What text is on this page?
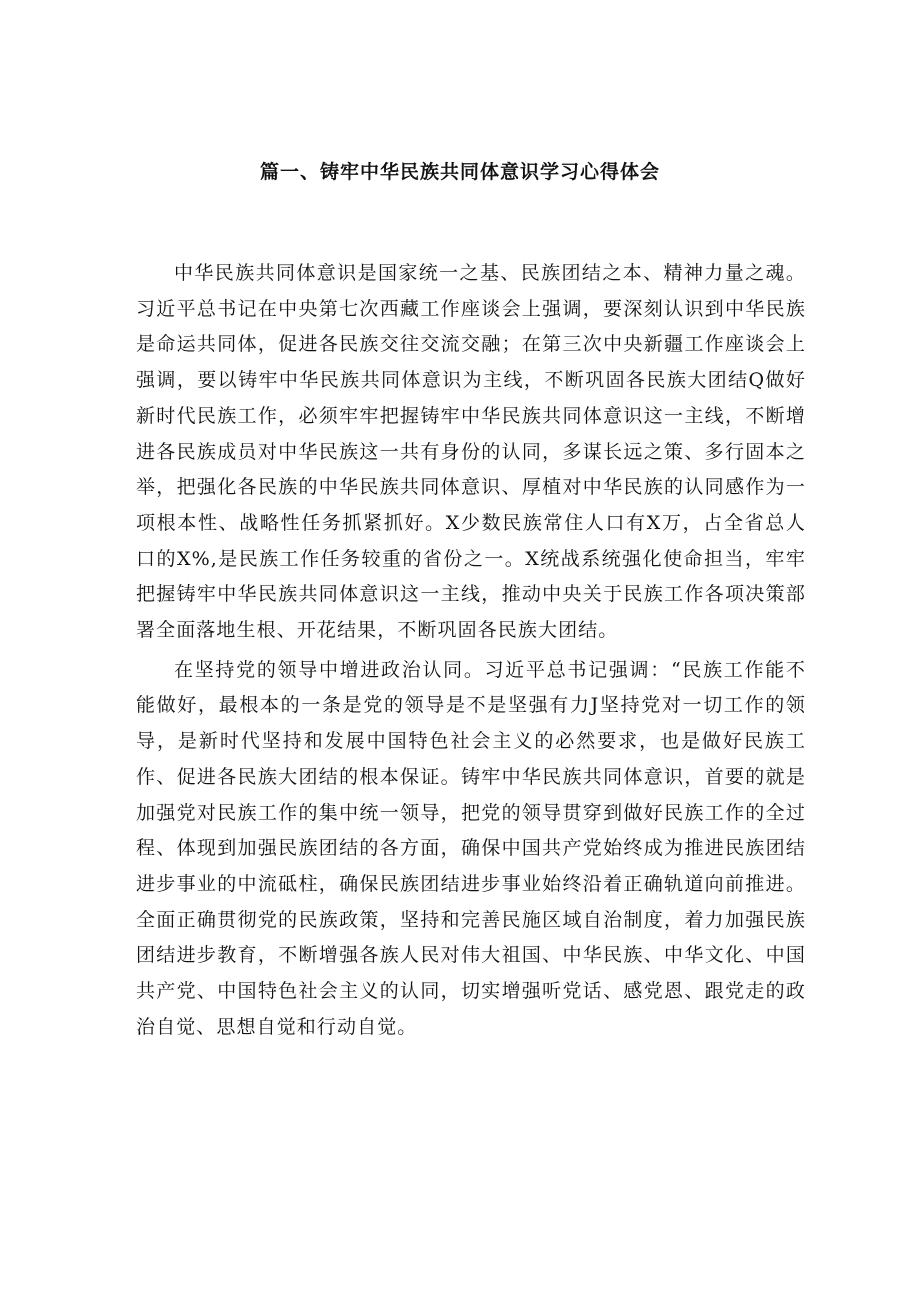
篇一、铸牢中华民族共同体意识学习心得体会

中华民族共同体意识是国家统一之基、民族团结之本、精神力量之魂。习近平总书记在中央第七次西藏工作座谈会上强调，要深刻认识到中华民族是命运共同体，促进各民族交往交流交融；在第三次中央新疆工作座谈会上强调，要以铸牢中华民族共同体意识为主线，不断巩固各民族大团结Q做好新时代民族工作，必须牢牢把握铸牢中华民族共同体意识这一主线，不断增进各民族成员对中华民族这一共有身份的认同，多谋长远之策、多行固本之举，把强化各民族的中华民族共同体意识、厚植对中华民族的认同感作为一项根本性、战略性任务抓紧抓好。X少数民族常住人口有X万，占全省总人口的X%,是民族工作任务较重的省份之一。X统战系统强化使命担当，牢牢把握铸牢中华民族共同体意识这一主线，推动中央关于民族工作各项决策部署全面落地生根、开花结果，不断巩固各民族大团结。

在坚持党的领导中增进政治认同。习近平总书记强调：“民族工作能不能做好，最根本的一条是党的领导是不是坚强有力J坚持党对一切工作的领导，是新时代坚持和发展中国特色社会主义的必然要求，也是做好民族工作、促进各民族大团结的根本保证。铸牢中华民族共同体意识，首要的就是加强党对民族工作的集中统一领导，把党的领导贯穿到做好民族工作的全过程、体现到加强民族团结的各方面，确保中国共产党始终成为推进民族团结进步事业的中流砥柱，确保民族团结进步事业始终沿着正确轨道向前推进。全面正确贯彻党的民族政策，坚持和完善民施区域自治制度，着力加强民族团结进步教育，不断增强各族人民对伟大祖国、中华民族、中华文化、中国共产党、中国特色社会主义的认同，切实增强听党话、感党恩、跟党走的政治自觉、思想自觉和行动自觉。
